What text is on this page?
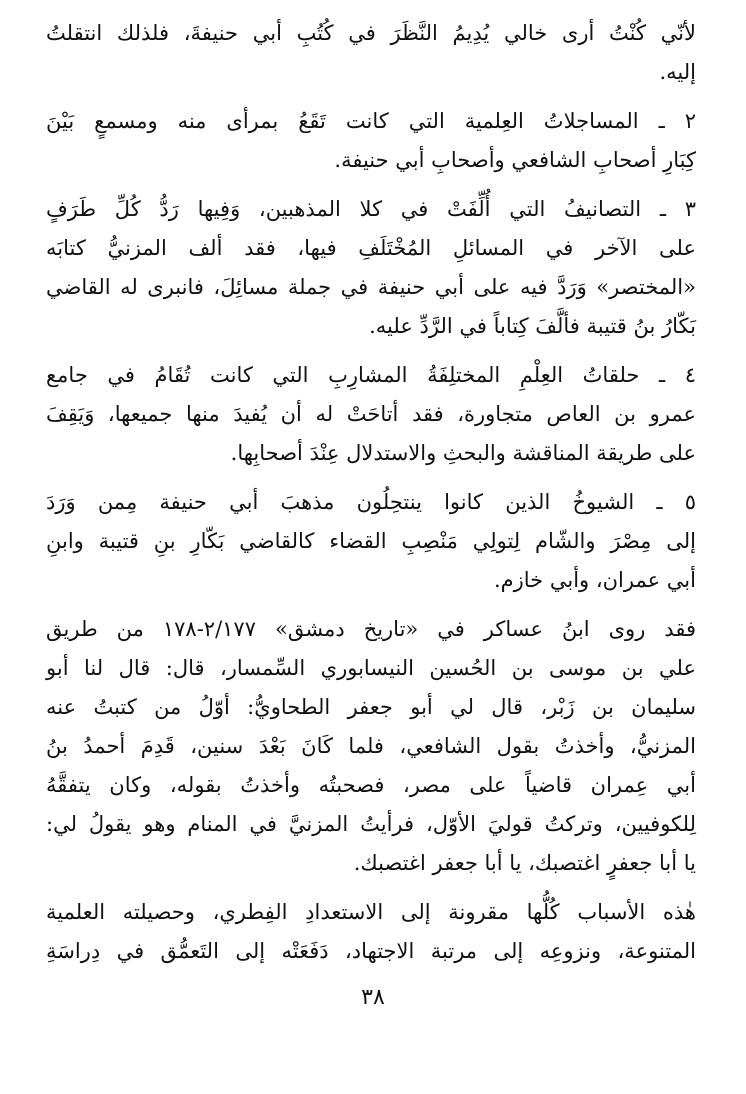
لأنّي كُنْتُ أرى خالي يُدِيمُ النَّظَرَ في كُتُبِ أبي حنيفةَ، فلذلك انتقلتُ
إليه.
٢ ـ المساجلاتُ العِلمية التي كانت تَقَعُ بمرأى منه ومسمعٍ بَيْنَ
كِبَارِ أصحابِ الشافعي وأصحابِ أبي حنيفة.
٣ ـ التصانيفُ التي أُلِّفَتْ في كلا المذهبين، وَفِيها رَدُّ كُلِّ طَرَفٍ
على الآخر في المسائلِ المُخْتَلَفِ فيها، فقد ألف المزنيُّ كتابَه
«المختصر» وَرَدَّ فيه على أبي حنيفة في جملة مسائِلَ، فانبرى له القاضي
بَكّارُ بنُ قتيبة فألَّفَ كِتاباً في الرَّدِّ عليه.
٤ ـ حلقاتُ العِلْمِ المختلِفَةُ المشارِبِ التي كانت تُقَامُ في جامع
عمرو بن العاص متجاورة، فقد أتاحَتْ له أن يُفيدَ منها جميعها، وَيَقِفَ
على طريقة المناقشة والبحثِ والاستدلال عِنْدَ أصحابِها.
٥ ـ الشيوخُ الذين كانوا ينتحِلُون مذهبَ أبي حنيفة مِمن وَرَدَ
إلى مِصْرَ والشّام لِتولِي مَنْصِبِ القضاء كالقاضي بَكّارِ بنِ قتيبة وابنِ
أبي عمران، وأبي خازم.
فقد روى ابنُ عساكر في «تاريخ دمشق» ٢/١٧٧-١٧٨ من طريق
علي بن موسى بن الحُسين النيسابوري السِّمسار، قال: قال لنا أبو
سليمان بن زَبْر، قال لي أبو جعفر الطحاويُّ: أوّلُ من كتبتُ عنه
المزنيُّ، وأخذتُ بقول الشافعي، فلما كَانَ بَعْدَ سنين، قَدِمَ أحمدُ بنُ
أبي عِمران قاضياً على مصر، فصحبتُه وأخذتُ بقوله، وكان يتفقَّهُ
لِلكوفيين، وتركتُ قوليَ الأوّل، فرأيتُ المزنيَّ في المنام وهو يقولُ لي:
يا أبا جعفرٍ اغتصبك، يا أبا جعفر اغتصبك.
هٰذه الأسباب كُلُّها مقرونة إلى الاستعدادِ الفِطري، وحصيلته العلمية
المتنوعة، ونزوعِه إلى مرتبة الاجتهاد، دَفَعَتْه إلى التَعمُّق في دِراسَةِ
٣٨
